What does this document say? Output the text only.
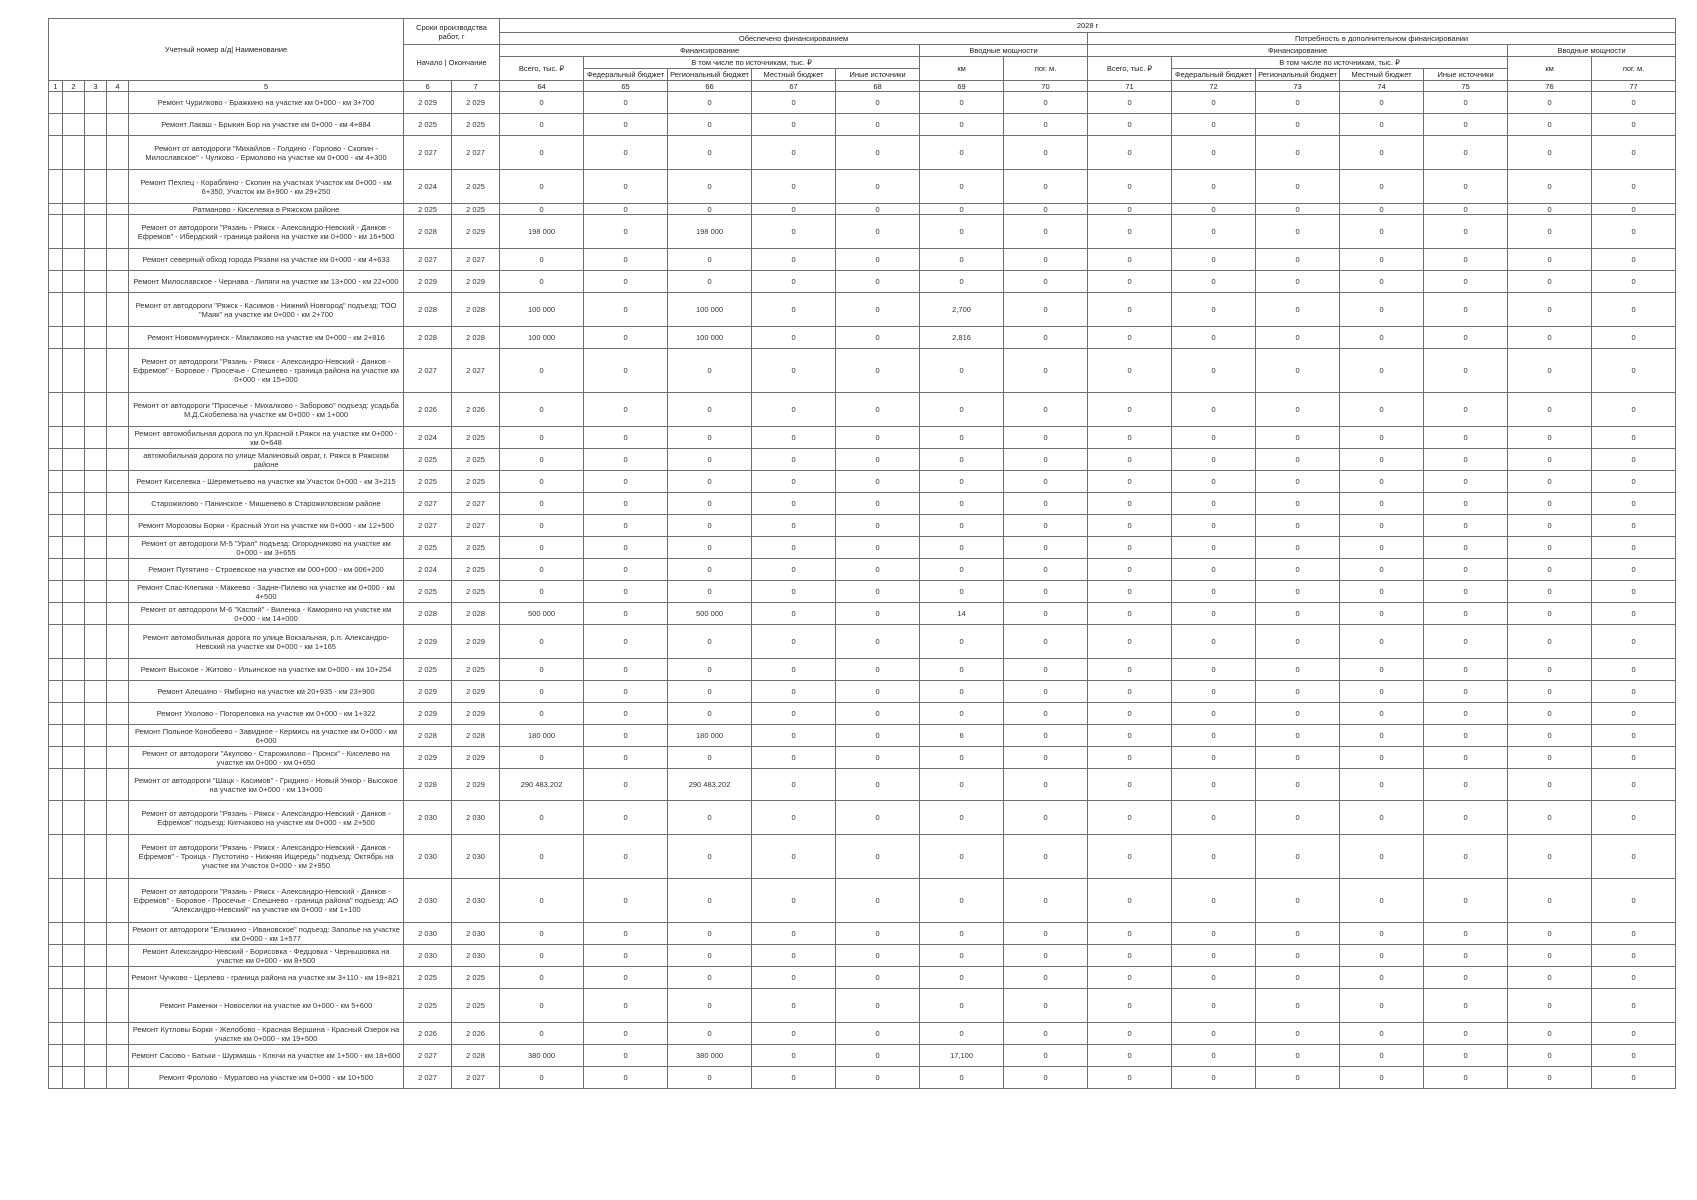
Учетный номер а/д| Наименование					Сроки производства работ, г		2028 г													
							Обеспечено финансированием							Потребность в дополнительном финансировании						
					Начало | Окончание		Финансирование					Вводные мощности		Финансирование					Вводные мощности	
							Всего, тыс. ₽	В том числе по источникам, тыс. ₽				км	пог. м.	Всего, тыс. ₽	В том числе по источникам, тыс. ₽				км	пог. м.
								Федеральный бюджет	Региональный бюджет	Местный бюджет	Иные источники				Федеральный бюджет	Региональный бюджет	Местный бюджет	Иные источники		
1	2	3	4	5	6	7	64	65	66	67	68	69	70	71	72	73	74	75	76	77
				Ремонт Чурилково - Бражкино на участке км 0+000 - км 3+700	2 029	2 029	0	0	0	0	0	0	0	0	0	0	0	0	0	0
				Ремонт Лакаш - Брыкин Бор на участке км 0+000 - км 4+884	2 025	2 025	0	0	0	0	0	0	0	0	0	0	0	0	0	0
				Ремонт от автодороги "Михайлов - Голдино - Горлово - Скопин - Милославское" - Чулково - Ермолово на участке км 0+000 - км 4+300	2 027	2 027	0	0	0	0	0	0	0	0	0	0	0	0	0	0
				Ремонт Пехлец - Кораблино - Скопин на участках Участок км 0+000 - км 6+350, Участок км 8+900 - км 29+250	2 024	2 025	0	0	0	0	0	0	0	0	0	0	0	0	0	0
				Ратманово - Киселевка в Ряжском районе	2 025	2 025	0	0	0	0	0	0	0	0	0	0	0	0	0	0
				Ремонт от автодороги "Рязань - Ряжск - Александро-Невский - Данков - Ефремов" - Ибердский - граница района на участке км 0+000 - км 16+500	2 028	2 029	198 000	0	198 000	0	0	0	0	0	0	0	0	0	0	0
				Ремонт северный обход города Рязани на участке км 0+000 - км 4+633	2 027	2 027	0	0	0	0	0	0	0	0	0	0	0	0	0	0
				Ремонт Милославское - Чернава - Липяги на участке км 13+000 - км 22+000	2 029	2 029	0	0	0	0	0	0	0	0	0	0	0	0	0	0
				Ремонт от автодороги "Ряжск - Касимов - Нижний Новгород" подъезд: ТОО "Маяк" на участке км 0+000 - км 2+700	2 028	2 028	100 000	0	100 000	0	0	2,700	0	0	0	0	0	0	0	0
				Ремонт Новомичуринск - Маклаково на участке км 0+000 - км 2+816	2 028	2 028	100 000	0	100 000	0	0	2,816	0	0	0	0	0	0	0	0
				Ремонт от автодороги "Рязань - Ряжск - Александро-Невский - Данков - Ефремов" - Боровое - Просечье - Спешнево - граница района на участке км 0+000 - км 15+000	2 027	2 027	0	0	0	0	0	0	0	0	0	0	0	0	0	0
				Ремонт от автодороги "Просечье - Михалково - Заборово" подъезд: усадьба М.Д.Скобелева на участке км 0+000 - км 1+000	2 026	2 026	0	0	0	0	0	0	0	0	0	0	0	0	0	0
				Ремонт автомобильная дорога по ул.Красной г.Ряжск на участке км 0+000 - км 0+648	2 024	2 025	0	0	0	0	0	0	0	0	0	0	0	0	0	0
				автомобильная дорога по улице Малиновый овраг, г. Ряжск в Ряжском районе	2 025	2 025	0	0	0	0	0	0	0	0	0	0	0	0	0	0
				Ремонт Киселевка - Шереметьево на участке км Участок 0+000 - км 3+215	2 025	2 025	0	0	0	0	0	0	0	0	0	0	0	0	0	0
				Старожилово - Панинское - Мишенево в Старожиловском районе	2 027	2 027	0	0	0	0	0	0	0	0	0	0	0	0	0	0
				Ремонт Морозовы Борки - Красный Угол на участке км 0+000 - км 12+500	2 027	2 027	0	0	0	0	0	0	0	0	0	0	0	0	0	0
				Ремонт от автодороги М-5 "Урал" подъезд: Огородниково на участке км 0+000 - км 3+655	2 025	2 025	0	0	0	0	0	0	0	0	0	0	0	0	0	0
				Ремонт Путятино - Строевское на участке км 000+000 - км 006+200	2 024	2 025	0	0	0	0	0	0	0	0	0	0	0	0	0	0
				Ремонт Спас-Клепики - Макеево - Задне-Пилево на участке км 0+000 - км 4+500	2 025	2 025	0	0	0	0	0	0	0	0	0	0	0	0	0	0
				Ремонт от автодороги М-6 "Каспий" - Виленка - Каморино на участке км 0+000 - км 14+000	2 028	2 028	500 000	0	500 000	0	0	14	0	0	0	0	0	0	0	0
				Ремонт автомобильная дорога по улице Вокзальная, р.п. Александро-Невский на участке км 0+000 - км 1+165	2 029	2 029	0	0	0	0	0	0	0	0	0	0	0	0	0	0
				Ремонт Высокое - Житово - Ильинское на участке км 0+000 - км 10+254	2 025	2 025	0	0	0	0	0	0	0	0	0	0	0	0	0	0
				Ремонт Алешино - Ямбирно на участке км 20+935 - км 23+900	2 029	2 029	0	0	0	0	0	0	0	0	0	0	0	0	0	0
				Ремонт Ухолово - Погореловка на участке км 0+000 - км 1+322	2 029	2 029	0	0	0	0	0	0	0	0	0	0	0	0	0	0
				Ремонт Польное Конобеево - Завидное - Кермись на участке км 0+000 - км 6+000	2 028	2 028	180 000	0	180 000	0	0	6	0	0	0	0	0	0	0	0
				Ремонт от автодороги "Акулово - Старожилово - Пронск" - Киселево на участке км 0+000 - км 0+650	2 029	2 029	0	0	0	0	0	0	0	0	0	0	0	0	0	0
				Ремонт от автодороги "Шацк - Касимов" - Гридино - Новый Ункор - Высокое на участке км 0+000 - км 13+000	2 028	2 029	290 483,202	0	290 483,202	0	0	0	0	0	0	0	0	0	0	0
				Ремонт от автодороги "Рязань - Ряжск - Александро-Невский - Данков - Ефремов" подъезд: Кипчаково на участке км 0+000 - км 2+500	2 030	2 030	0	0	0	0	0	0	0	0	0	0	0	0	0	0
				Ремонт от автодороги "Рязань - Ряжск - Александро-Невский - Данков - Ефремов" - Троица - Пустотино - Нижняя Ищередь" подъезд: Октябрь на участке км Участок 0+000 - км 2+950	2 030	2 030	0	0	0	0	0	0	0	0	0	0	0	0	0	0
				Ремонт от автодороги "Рязань - Ряжск - Александро-Невский - Данков - Ефремов" - Боровое - Просечье - Спешнево - граница района" подъезд: АО "Александро-Невский" на участке км 0+000 - км 1+100	2 030	2 030	0	0	0	0	0	0	0	0	0	0	0	0	0	0
				Ремонт от автодороги "Елизкино - Ивановское" подъезд: Заполье на участке км 0+000 - км 1+577	2 030	2 030	0	0	0	0	0	0	0	0	0	0	0	0	0	0
				Ремонт Александро-Невский - Борисовка - Федцовка - Чернышовка на участке км 0+000 - км 8+500	2 030	2 030	0	0	0	0	0	0	0	0	0	0	0	0	0	0
				Ремонт Чучково - Церлево - граница района на участке км 3+110 - км 19+821	2 025	2 025	0	0	0	0	0	0	0	0	0	0	0	0	0	0
				Ремонт Раменки - Новоселки на участке км 0+000 - км 5+600	2 025	2 025	0	0	0	0	0	0	0	0	0	0	0	0	0	0
				Ремонт Кутловы Борки - Желобово - Красная Вершина - Красный Озерок на участке км 0+000 - км 19+500	2 026	2 026	0	0	0	0	0	0	0	0	0	0	0	0	0	0
				Ремонт Сасово - Батьки - Шурмашь - Ключи на участке км 1+500 - км 18+600	2 027	2 028	380 000	0	380 000	0	0	17,100	0	0	0	0	0	0	0	0
				Ремонт Фролово - Муратово на участке км 0+000 - км 10+500	2 027	2 027	0	0	0	0	0	0	0	0	0	0	0	0	0	0
